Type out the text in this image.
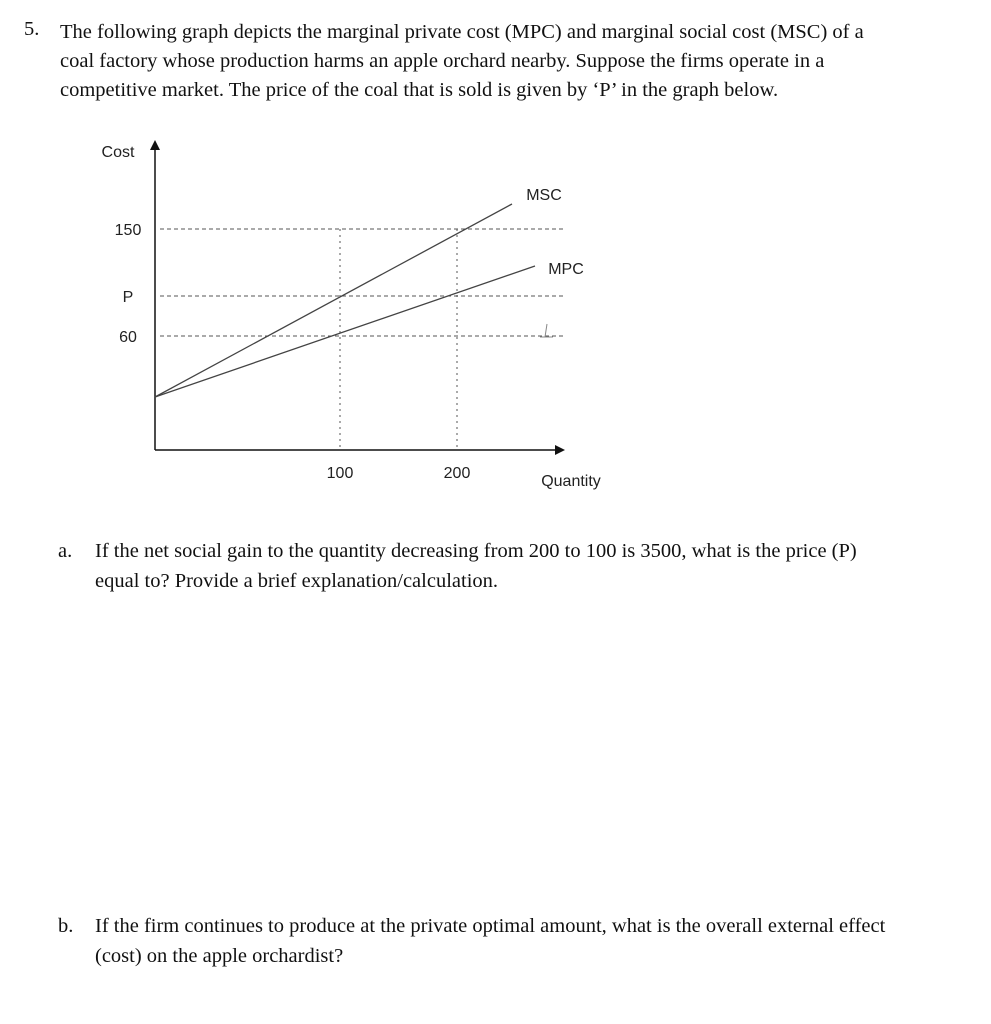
5. The following graph depicts the marginal private cost (MPC) and marginal social cost (MSC) of a
coal factory whose production harms an apple orchard nearby. Suppose the firms operate in a
competitive market. The price of the coal that is sold is given by ‘P’ in the graph below.
Cost
Quantity
150
P
60
100	200
MSC
MPC
a. If the net social gain to the quantity decreasing from 200 to 100 is 3500, what is the price (P)
equal to? Provide a brief explanation/calculation.
b. If the firm continues to produce at the private optimal amount, what is the overall external effect
(cost) on the apple orchardist?
